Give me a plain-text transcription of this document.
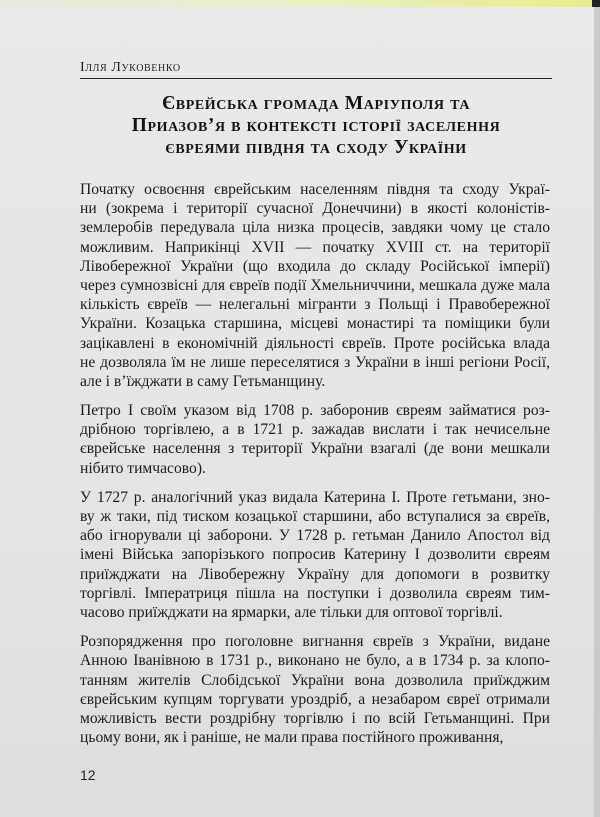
Ілля Луковенко
Єврейська громада Маріуполя та
Приазов’я в контексті історії заселення
євреями півдня та сходу України
Початку освоєння єврейським населенням півдня та сходу Украї-
ни (зокрема і території сучасної Донеччини) в якості колоністів-
землеробів передувала ціла низка процесів, завдяки чому це стало
можливим. Наприкінці XVII — початку XVIII ст. на території
Лівобережної України (що входила до складу Російської імперії)
через сумнозвісні для євреїв події Хмельниччини, мешкала дуже мала
кількість євреїв — нелегальні мігранти з Польщі і Правобережної
України. Козацька старшина, місцеві монастирі та поміщики були
зацікавлені в економічній діяльності євреїв. Проте російська влада
не дозволяла їм не лише переселятися з України в інші регіони Росії,
але і в’їжджати в саму Гетьманщину.
Петро I своїм указом від 1708 р. заборонив євреям займатися роз-
дрібною торгівлею, а в 1721 р. зажадав вислати і так нечисельне
єврейське населення з території України взагалі (де вони мешкали
нібито тимчасово).
У 1727 р. аналогічний указ видала Катерина I. Проте гетьмани, зно-
ву ж таки, під тиском козацької старшини, або вступалися за євреїв,
або ігнорували ці заборони. У 1728 р. гетьман Данило Апостол від
імені Війська запорізького попросив Катерину I дозволити євреям
приїжджати на Лівобережну Україну для допомоги в розвитку
торгівлі. Імператриця пішла на поступки і дозволила євреям тим-
часово приїжджати на ярмарки, але тільки для оптової торгівлі.
Розпорядження про поголовне вигнання євреїв з України, видане
Анною Іванівною в 1731 р., виконано не було, а в 1734 р. за клопо-
танням жителів Слобідської України вона дозволила приїжджим
єврейським купцям торгувати уроздріб, а незабаром євреї отримали
можливість вести роздрібну торгівлю і по всій Гетьманщині. При
цьому вони, як і раніше, не мали права постійного проживання,
12
